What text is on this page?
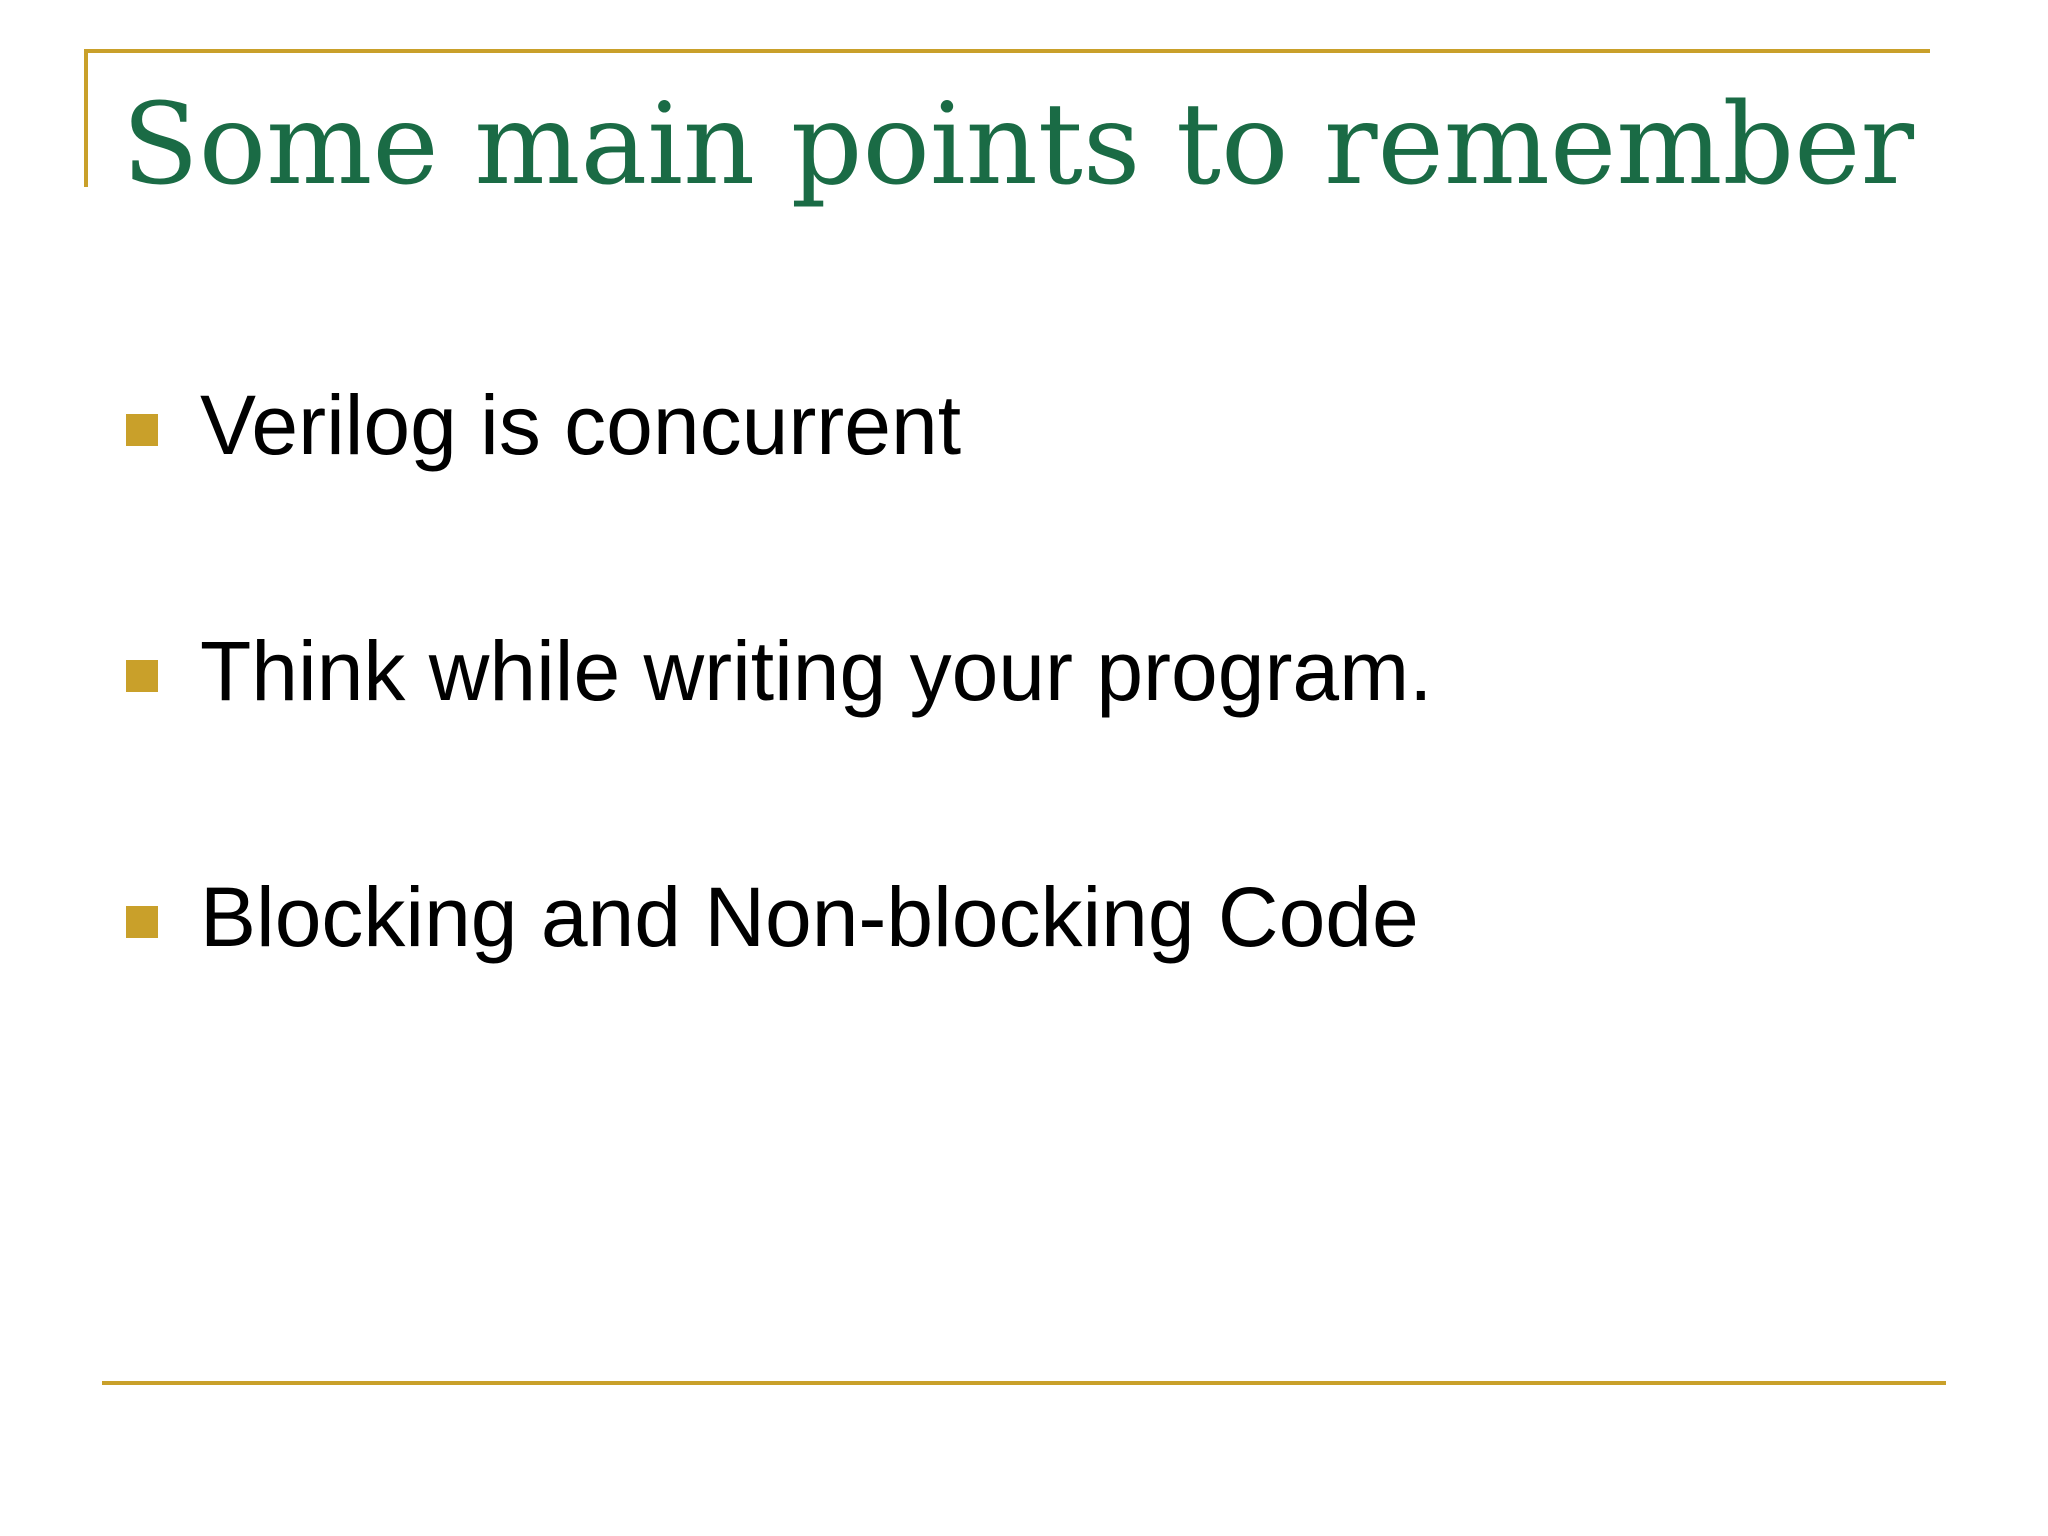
Some main points to remember
Verilog is concurrent
Think while writing your program.
Blocking and Non-blocking Code
